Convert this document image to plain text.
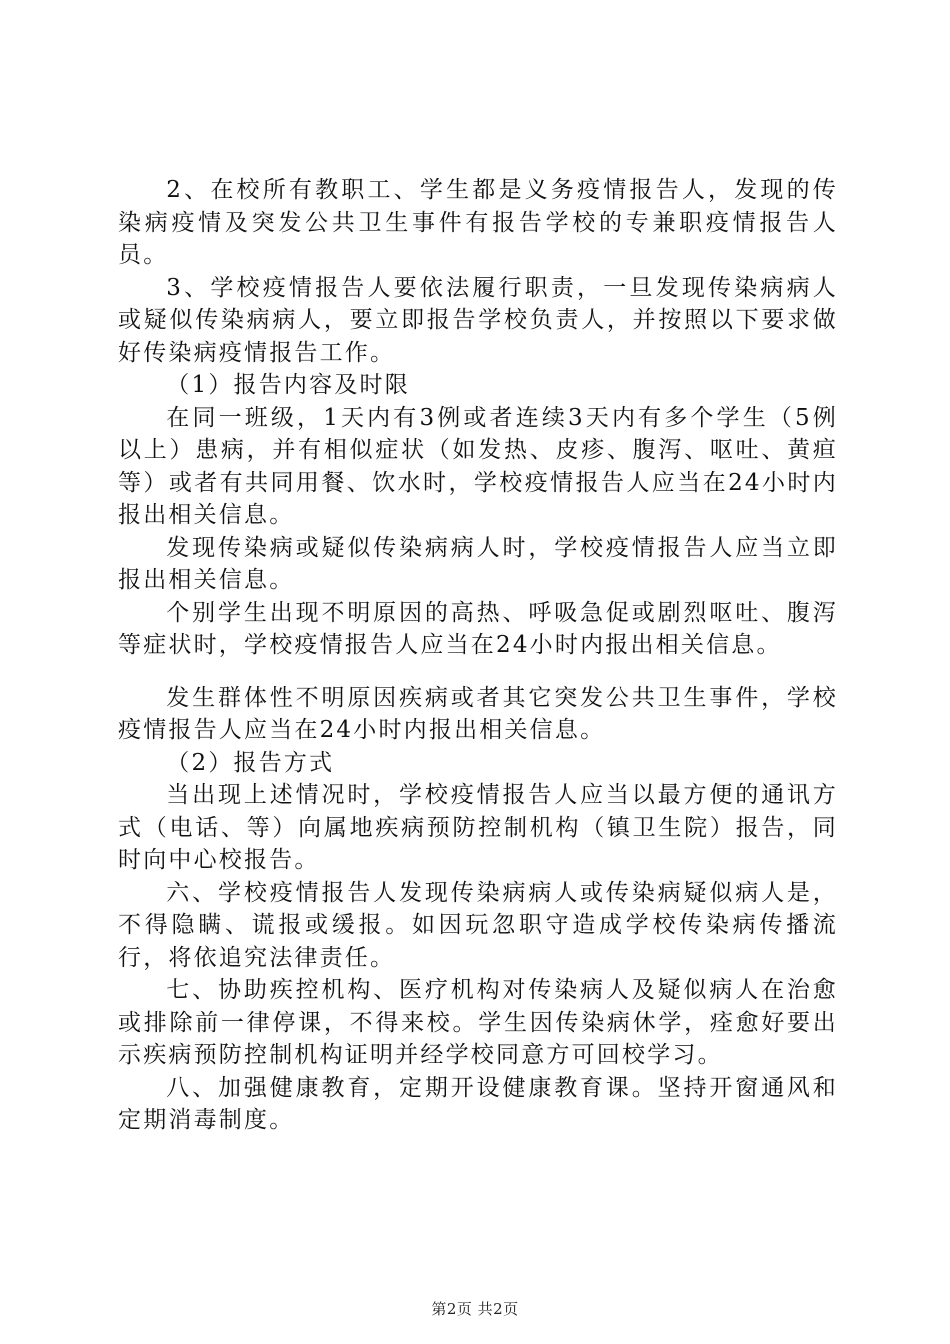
2、在校所有教职工、学生都是义务疫情报告人，发现的传染病疫情及突发公共卫生事件有报告学校的专兼职疫情报告人员。

3、学校疫情报告人要依法履行职责，一旦发现传染病病人或疑似传染病病人，要立即报告学校负责人，并按照以下要求做好传染病疫情报告工作。

（1）报告内容及时限

在同一班级，1天内有3例或者连续3天内有多个学生（5例以上）患病，并有相似症状（如发热、皮疹、腹泻、呕吐、黄疸等）或者有共同用餐、饮水时，学校疫情报告人应当在24小时内报出相关信息。

发现传染病或疑似传染病病人时，学校疫情报告人应当立即报出相关信息。

个别学生出现不明原因的高热、呼吸急促或剧烈呕吐、腹泻等症状时，学校疫情报告人应当在24小时内报出相关信息。

发生群体性不明原因疾病或者其它突发公共卫生事件，学校疫情报告人应当在24小时内报出相关信息。

（2）报告方式

当出现上述情况时，学校疫情报告人应当以最方便的通讯方式（电话、等）向属地疾病预防控制机构（镇卫生院）报告，同时向中心校报告。

六、学校疫情报告人发现传染病病人或传染病疑似病人是，不得隐瞒、谎报或缓报。如因玩忽职守造成学校传染病传播流行，将依追究法律责任。

七、协助疾控机构、医疗机构对传染病人及疑似病人在治愈或排除前一律停课，不得来校。学生因传染病休学，痊愈好要出示疾病预防控制机构证明并经学校同意方可回校学习。

八、加强健康教育，定期开设健康教育课。坚持开窗通风和定期消毒制度。

第2页 共2页
